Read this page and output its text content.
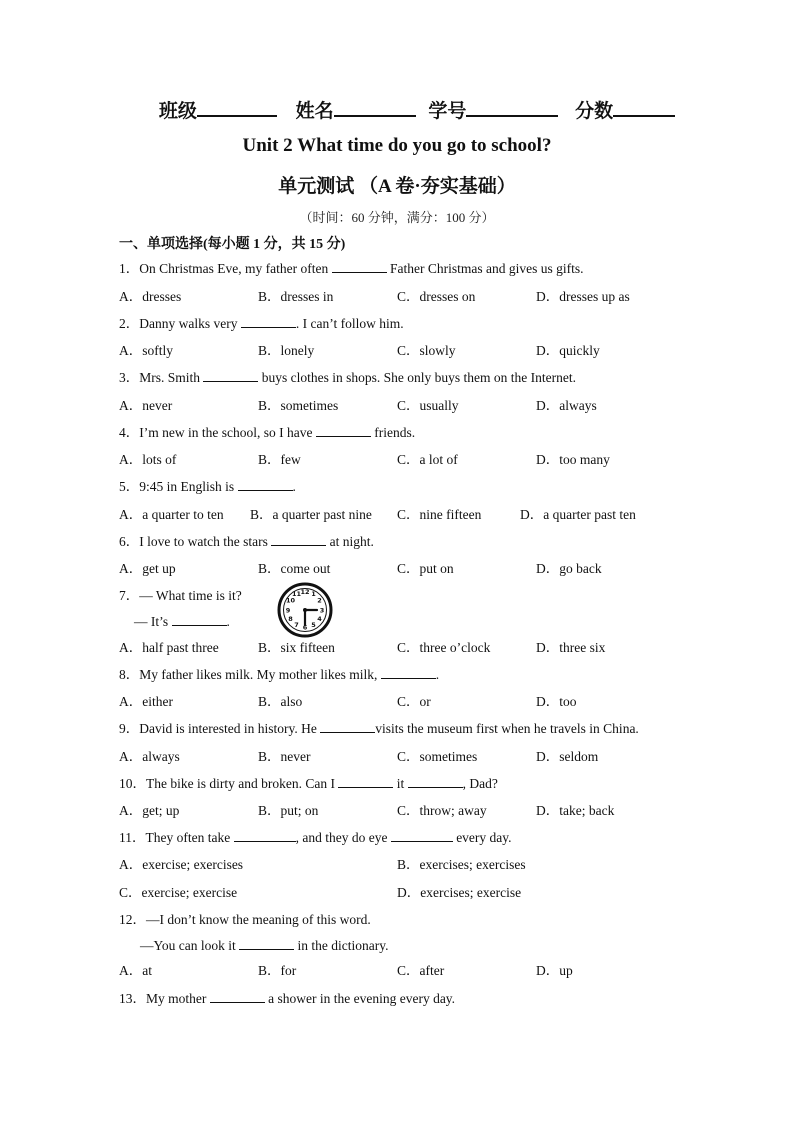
班级	姓名	学号	分数
Unit 2 What time do you go to school?
单元测试 （A 卷·夯实基础）
（时间：60 分钟，满分：100 分）
一、单项选择(每小题 1 分，共 15 分)
1．On Christmas Eve, my father often	Father Christmas and gives us gifts.
A．dresses	B．dresses in	C．dresses on	D．dresses up as
2．Danny walks very	. I can’t follow him.
A．softly	B．lonely	C．slowly	D．quickly
3．Mrs. Smith	buys clothes in shops. She only buys them on the Internet.
A．never	B．sometimes	C．usually	D．always
4．I’m new in the school, so I have	friends.
A．lots of	B．few	C．a lot of	D．too many
5．9:45 in English is	.
A．a quarter to ten B．a quarter past nine C．nine fifteen	D．a quarter past ten
6．I love to watch the stars	at night.
A．get up	B．come out	C．put on	D．go back
7．— What time is it?
— It’s	.
12 1
2
3
4
5
6
7
8
9
10
11
A．half past three	B．six fifteen	C．three o’clock	D．three six
8．My father likes milk. My mother likes milk,	.
A．either	B．also	C．or	D．too
9．David is interested in history. He	visits the museum first when he travels in China.
A．always	B．never	C．sometimes	D．seldom
10．The bike is dirty and broken. Can I	it	, Dad?
A．get; up	B．put; on	C．throw; away	D．take; back
11．They often take	, and they do eye	every day.
A．exercise; exercises	B．exercises; exercises
C．exercise; exercise	D．exercises; exercise
12．—I don’t know the meaning of this word.
—You can look it	in the dictionary.
A．at	B．for	C．after	D．up
13．My mother	a shower in the evening every day.
